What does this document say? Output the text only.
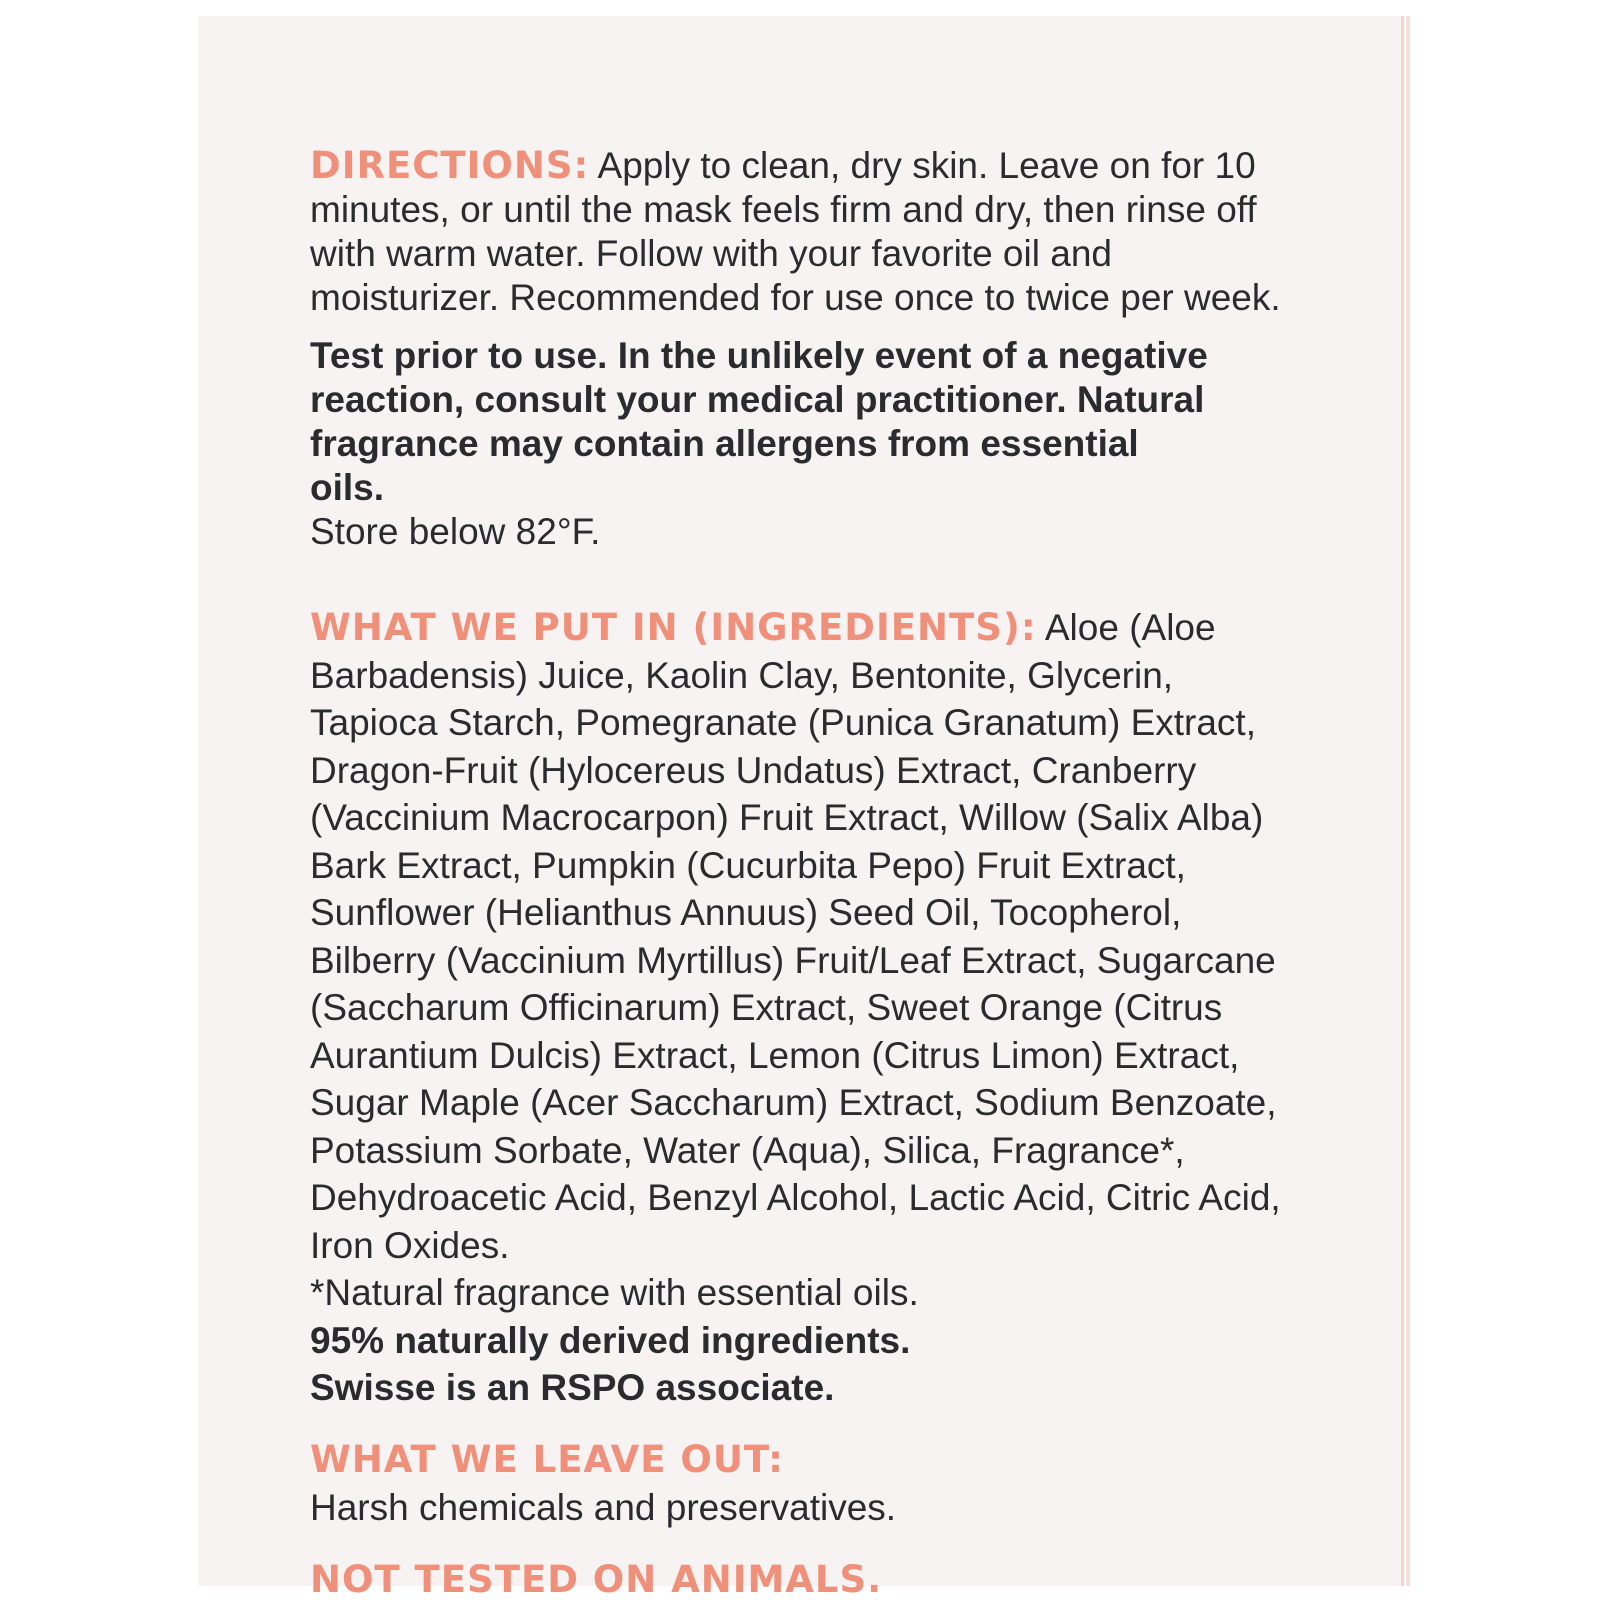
DIRECTIONS: Apply to clean, dry skin. Leave on for 10 minutes, or until the mask feels firm and dry, then rinse off with warm water. Follow with your favorite oil and moisturizer. Recommended for use once to twice per week.

Test prior to use. In the unlikely event of a negative reaction, consult your medical practitioner. Natural fragrance may contain allergens from essential oils.
Store below 82°F.

WHAT WE PUT IN (INGREDIENTS): Aloe (Aloe Barbadensis) Juice, Kaolin Clay, Bentonite, Glycerin, Tapioca Starch, Pomegranate (Punica Granatum) Extract, Dragon-Fruit (Hylocereus Undatus) Extract, Cranberry (Vaccinium Macrocarpon) Fruit Extract, Willow (Salix Alba) Bark Extract, Pumpkin (Cucurbita Pepo) Fruit Extract, Sunflower (Helianthus Annuus) Seed Oil, Tocopherol, Bilberry (Vaccinium Myrtillus) Fruit/Leaf Extract, Sugarcane (Saccharum Officinarum) Extract, Sweet Orange (Citrus Aurantium Dulcis) Extract, Lemon (Citrus Limon) Extract, Sugar Maple (Acer Saccharum) Extract, Sodium Benzoate, Potassium Sorbate, Water (Aqua), Silica, Fragrance*, Dehydroacetic Acid, Benzyl Alcohol, Lactic Acid, Citric Acid, Iron Oxides.
*Natural fragrance with essential oils.

95% naturally derived ingredients.
Swisse is an RSPO associate.

WHAT WE LEAVE OUT:
Harsh chemicals and preservatives.

NOT TESTED ON ANIMALS.
